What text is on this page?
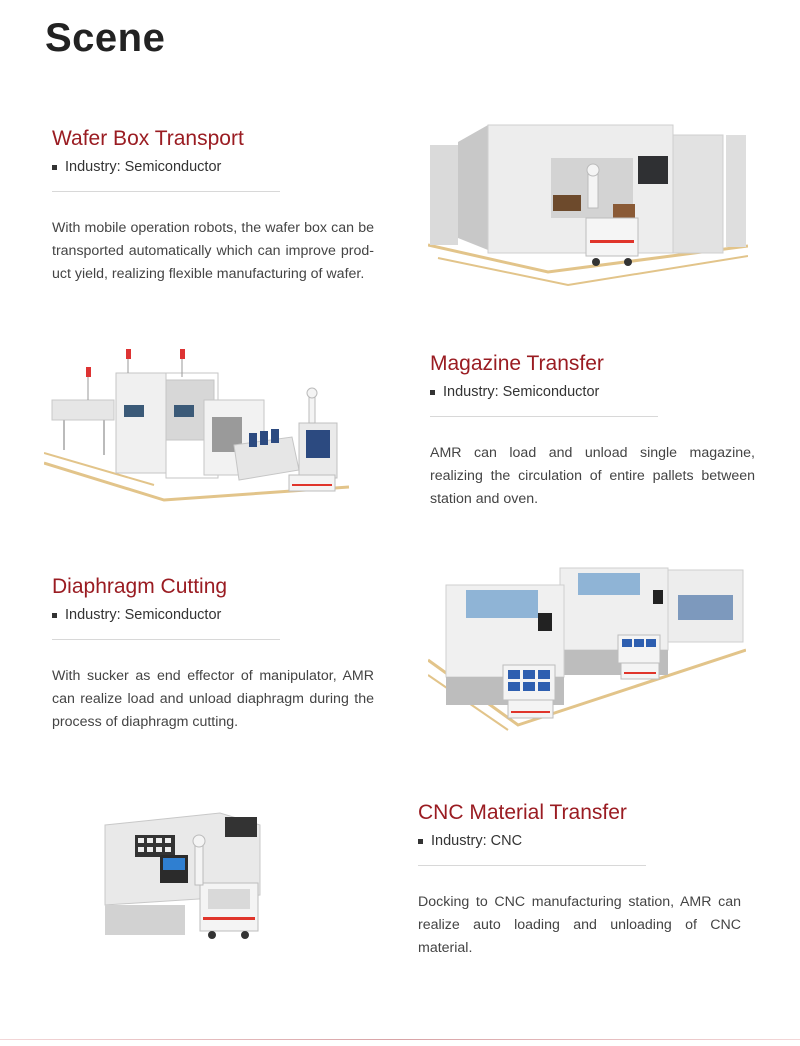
Scene
Wafer Box Transport
Industry: Semiconductor

With mobile operation robots, the wafer box can be transported automatically which can improve product yield, realizing flexible manufacturing of wafer.

Magazine Transfer
Industry: Semiconductor

AMR can load and unload single magazine, realizing the circulation of entire pallets between station and oven.

Diaphragm Cutting
Industry: Semiconductor

With sucker as end effector of manipulator, AMR can realize load and unload diaphragm during the process of diaphragm cutting.

CNC Material Transfer
Industry: CNC

Docking to CNC manufacturing station, AMR can realize auto loading and unloading of CNC material.
